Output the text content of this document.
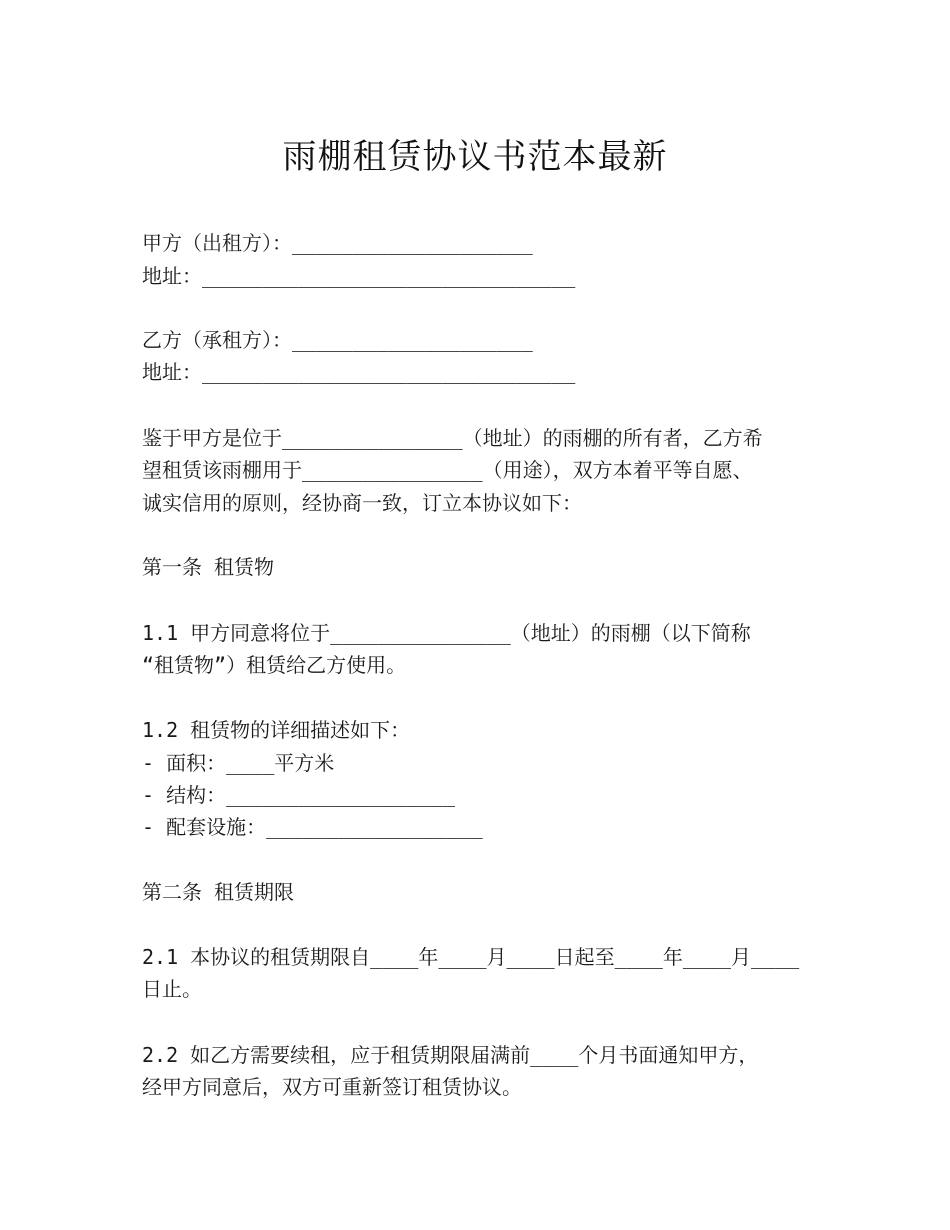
雨棚租赁协议书范本最新
甲方（出租方）：____________________
地址：_______________________________
乙方（承租方）：____________________
地址：_______________________________
鉴于甲方是位于_______________（地址）的雨棚的所有者，乙方希
望租赁该雨棚用于_______________（用途），双方本着平等自愿、
诚实信用的原则，经协商一致，订立本协议如下：
第一条 租赁物
1.1 甲方同意将位于_______________（地址）的雨棚（以下简称
“租赁物”）租赁给乙方使用。
1.2 租赁物的详细描述如下：
- 面积：____平方米
- 结构：___________________
- 配套设施：__________________
第二条 租赁期限
2.1 本协议的租赁期限自____年____月____日起至____年____月____
日止。
2.2 如乙方需要续租，应于租赁期限届满前____个月书面通知甲方，
经甲方同意后，双方可重新签订租赁协议。
